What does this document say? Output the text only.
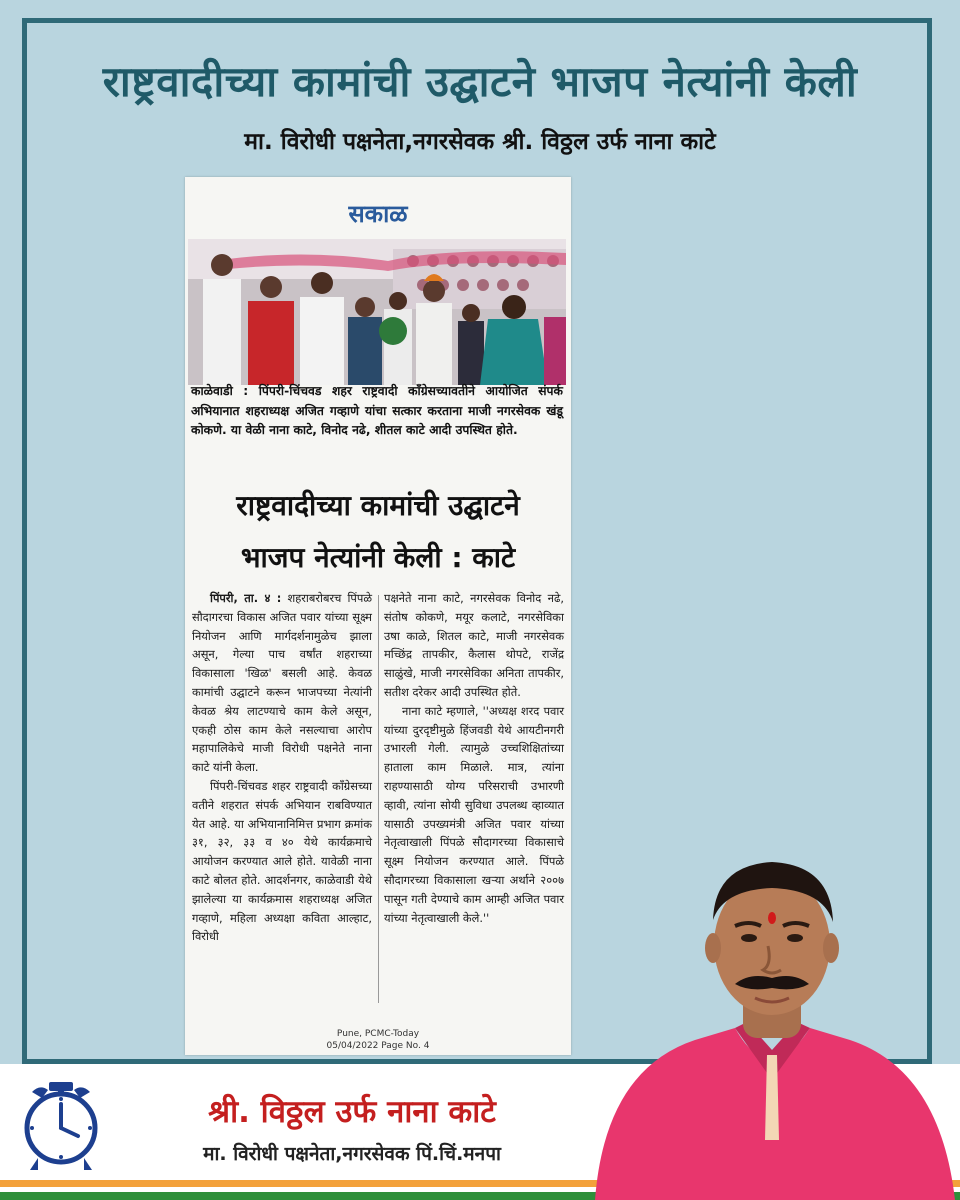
राष्ट्रवादीच्या कामांची उद्घाटने भाजप नेत्यांनी केली
मा. विरोधी पक्षनेता,नगरसेवक श्री. विठ्ठल उर्फ नाना काटे
सकाळ
काळेवाडी : पिंपरी-चिंचवड शहर राष्ट्रवादी कॉंग्रेसच्यावतीने आयोजित संपर्क अभियानात शहराध्यक्ष अजित गव्हाणे यांचा सत्कार करताना माजी नगरसेवक खंडू कोकणे. या वेळी नाना काटे, विनोद नढे, शीतल काटे आदी उपस्थित होते.
राष्ट्रवादीच्या कामांची उद्घाटने
भाजप नेत्यांनी केली : काटे

पिंपरी, ता. ४ : शहराबरोबरच पिंपळे सौदागरचा विकास अजित पवार यांच्या सूक्ष्म नियोजन आणि मार्गदर्शनामुळेच झाला असून, गेल्या पाच वर्षांत शहराच्या विकासाला 'खिळ' बसली आहे. केवळ कामांची उद्घाटने करून भाजपच्या नेत्यांनी केवळ श्रेय लाटण्याचे काम केले असून, एकही ठोस काम केले नसल्याचा आरोप महापालिकेचे माजी विरोधी पक्षनेते नाना काटे यांनी केला.

पिंपरी-चिंचवड शहर राष्ट्रवादी कॉंग्रेसच्या वतीने शहरात संपर्क अभियान राबविण्यात येत आहे. या अभियानानिमित्त प्रभाग क्रमांक ३१, ३२, ३३ व ४० येथे कार्यक्रमाचे आयोजन करण्यात आले होते. यावेळी नाना काटे बोलत होते. आदर्शनगर, काळेवाडी येथे झालेल्या या कार्यक्रमास शहराध्यक्ष अजित गव्हाणे, महिला अध्यक्षा कविता आल्हाट, विरोधी

पक्षनेते नाना काटे, नगरसेवक विनोद नढे, संतोष कोकणे, मयूर कलाटे, नगरसेविका उषा काळे, शितल काटे, माजी नगरसेवक मच्छिंद्र तापकीर, कैलास थोपटे, राजेंद्र साळुंखे, माजी नगरसेविका अनिता तापकीर, सतीश दरेकर आदी उपस्थित होते.

नाना काटे म्हणाले, ''अध्यक्ष शरद पवार यांच्या दुरदृष्टीमुळे हिंजवडी येथे आयटीनगरी उभारली गेली. त्यामुळे उच्चशिक्षितांच्या हाताला काम मिळाले. मात्र, त्यांना राहण्यासाठी योग्य परिसराची उभारणी व्हावी, त्यांना सोयी सुविधा उपलब्ध व्हाव्यात यासाठी उपख्यमंत्री अजित पवार यांच्या नेतृत्वाखाली पिंपळे सौदागरच्या विकासाचे सूक्ष्म नियोजन करण्यात आले. पिंपळे सौदागरच्या विकासाला खऱ्या अर्थाने २००७ पासून गती देण्याचे काम आम्ही अजित पवार यांच्या नेतृत्वाखाली केले.''

Pune, PCMC-Today
05/04/2022 Page No. 4
श्री. विठ्ठल उर्फ नाना काटे
मा. विरोधी पक्षनेता,नगरसेवक पिं.चिं.मनपा
